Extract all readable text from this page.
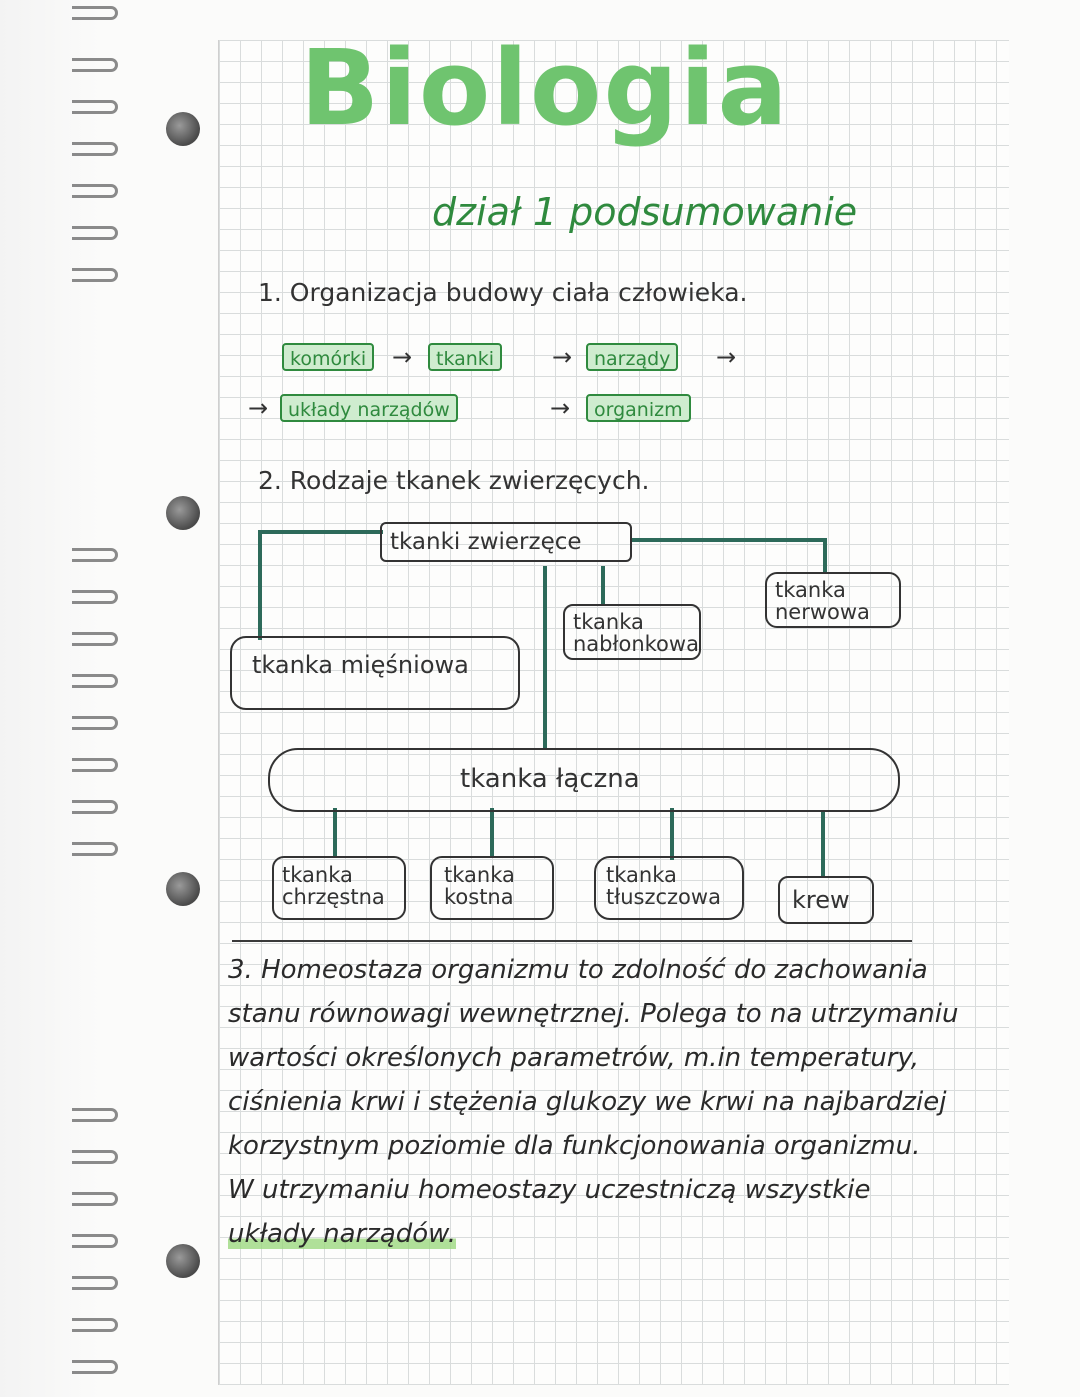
Biologia
dział 1 podsumowanie
1. Organizacja budowy ciała człowieka.
komórki	→	tkanki	→	narządy	→
→	układy narządów	→	organizm
2. Rodzaje tkanek zwierzęcych.
tkanki zwierzęce
tkanka nerwowa
tkanka nabłonkowa
tkanka mięśniowa
tkanka łączna
tkanka chrzęstna
tkanka kostna
tkanka tłuszczowa	krew

3. Homeostaza organizmu to zdolność do zachowania

stanu równowagi wewnętrznej. Polega to na utrzymaniu

wartości określonych parametrów, m.in temperatury,

ciśnienia krwi i stężenia glukozy we krwi na najbardziej

korzystnym poziomie dla funkcjonowania organizmu.

W utrzymaniu homeostazy uczestniczą wszystkie

układy narządów.
